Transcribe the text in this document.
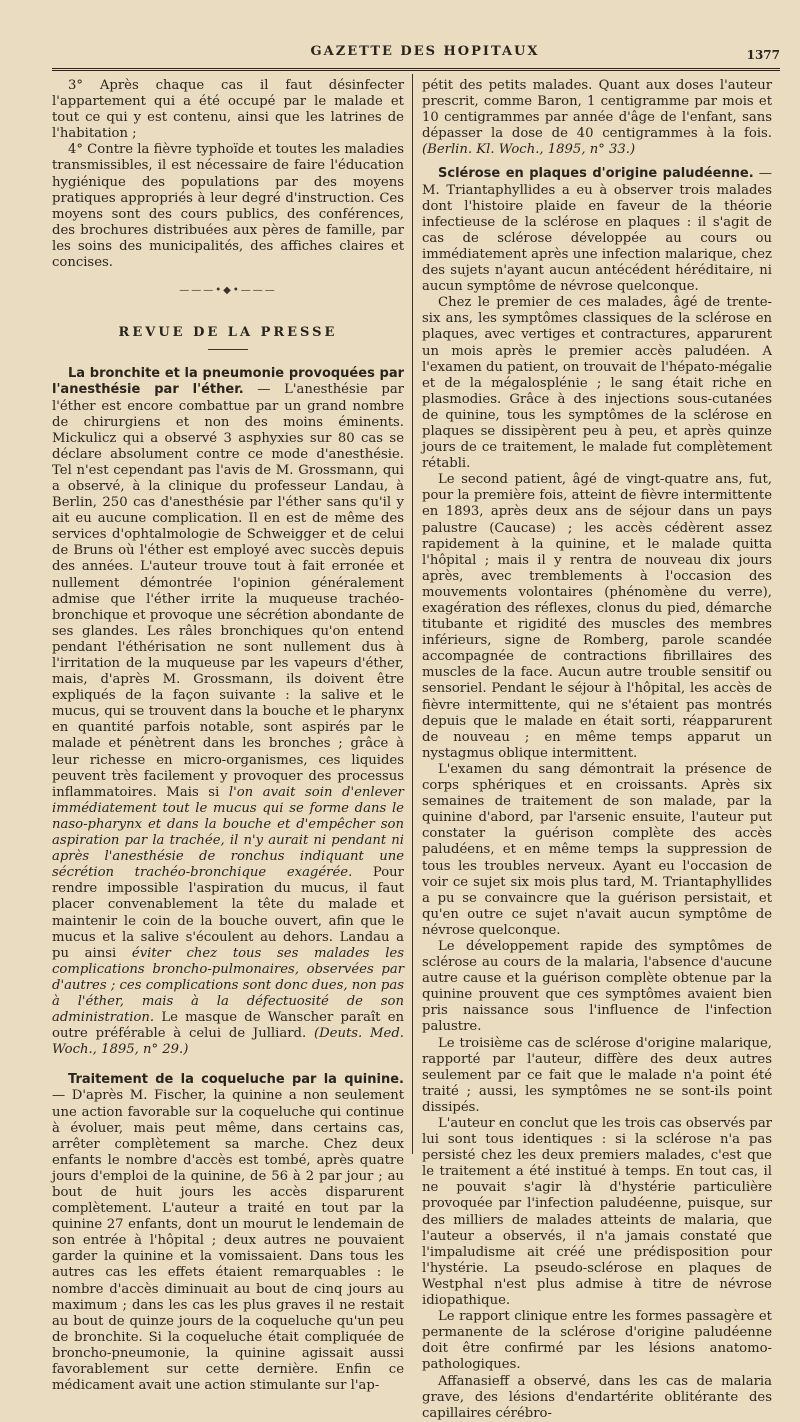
GAZETTE DES HOPITAUX	1377

3° Après chaque cas il faut désinfecter l'appartement qui a été occupé par le malade et tout ce qui y est contenu, ainsi que les latrines de l'habitation ;

4° Contre la fièvre typhoïde et toutes les maladies transmissibles, il est nécessaire de faire l'éducation hygiénique des populations par des moyens pratiques appropriés à leur degré d'instruction. Ces moyens sont des cours publics, des conférences, des brochures distribuées aux pères de famille, par les soins des municipalités, des affiches claires et concises.

———•◆•———
REVUE DE LA PRESSE

La bronchite et la pneumonie provoquées par l'anesthésie par l'éther. — L'anesthésie par l'éther est encore combattue par un grand nombre de chirurgiens et non des moins éminents. Mickulicz qui a observé 3 asphyxies sur 80 cas se déclare absolument contre ce mode d'anesthésie. Tel n'est cependant pas l'avis de M. Grossmann, qui a observé, à la clinique du professeur Landau, à Berlin, 250 cas d'anesthésie par l'éther sans qu'il y ait eu aucune complication. Il en est de même des services d'ophtalmologie de Schweigger et de celui de Bruns où l'éther est employé avec succès depuis des années. L'auteur trouve tout à fait erronée et nullement démontrée l'opinion généralement admise que l'éther irrite la muqueuse trachéo-bronchique et provoque une sécrétion abondante de ses glandes. Les râles bronchiques qu'on entend pendant l'éthérisation ne sont nullement dus à l'irritation de la muqueuse par les vapeurs d'éther, mais, d'après M. Grossmann, ils doivent être expliqués de la façon suivante : la salive et le mucus, qui se trouvent dans la bouche et le pharynx en quantité parfois notable, sont aspirés par le malade et pénètrent dans les bronches ; grâce à leur richesse en micro-organismes, ces liquides peuvent très facilement y provoquer des processus inflammatoires. Mais si l'on avait soin d'enlever immédiatement tout le mucus qui se forme dans le naso-pharynx et dans la bouche et d'empêcher son aspiration par la trachée, il n'y aurait ni pendant ni après l'anesthésie de ronchus indiquant une sécrétion trachéo-bronchique exagérée. Pour rendre impossible l'aspiration du mucus, il faut placer convenablement la tête du malade et maintenir le coin de la bouche ouvert, afin que le mucus et la salive s'écoulent au dehors. Landau a pu ainsi éviter chez tous ses malades les complications broncho-pulmonaires, observées par d'autres ; ces complications sont donc dues, non pas à l'éther, mais à la défectuosité de son administration. Le masque de Wanscher paraît en outre préférable à celui de Julliard. (Deuts. Med. Woch., 1895, n° 29.)

Traitement de la coqueluche par la quinine. — D'après M. Fischer, la quinine a non seulement une action favorable sur la coqueluche qui continue à évoluer, mais peut même, dans certains cas, arrêter complètement sa marche. Chez deux enfants le nombre d'accès est tombé, après quatre jours d'emploi de la quinine, de 56 à 2 par jour ; au bout de huit jours les accès disparurent complètement. L'auteur a traité en tout par la quinine 27 enfants, dont un mourut le lendemain de son entrée à l'hôpital ; deux autres ne pouvaient garder la quinine et la vomissaient. Dans tous les autres cas les effets étaient remarquables : le nombre d'accès diminuait au bout de cinq jours au maximum ; dans les cas les plus graves il ne restait au bout de quinze jours de la coqueluche qu'un peu de bronchite. Si la coqueluche était compliquée de broncho-pneumonie, la quinine agissait aussi favorablement sur cette dernière. Enfin ce médicament avait une action stimulante sur l'ap-

pétit des petits malades. Quant aux doses l'auteur prescrit, comme Baron, 1 centigramme par mois et 10 centigrammes par année d'âge de l'enfant, sans dépasser la dose de 40 centigrammes à la fois. (Berlin. Kl. Woch., 1895, n° 33.)

Sclérose en plaques d'origine paludéenne. — M. Triantaphyllides a eu à observer trois malades dont l'histoire plaide en faveur de la théorie infectieuse de la sclérose en plaques : il s'agit de cas de sclérose développée au cours ou immédiatement après une infection malarique, chez des sujets n'ayant aucun antécédent héréditaire, ni aucun symptôme de névrose quelconque.

Chez le premier de ces malades, âgé de trente-six ans, les symptômes classiques de la sclérose en plaques, avec vertiges et contractures, apparurent un mois après le premier accès paludéen. A l'examen du patient, on trouvait de l'hépato-mégalie et de la mégalosplénie ; le sang était riche en plasmodies. Grâce à des injections sous-cutanées de quinine, tous les symptômes de la sclérose en plaques se dissipèrent peu à peu, et après quinze jours de ce traitement, le malade fut complètement rétabli.

Le second patient, âgé de vingt-quatre ans, fut, pour la première fois, atteint de fièvre intermittente en 1893, après deux ans de séjour dans un pays palustre (Caucase) ; les accès cédèrent assez rapidement à la quinine, et le malade quitta l'hôpital ; mais il y rentra de nouveau dix jours après, avec tremblements à l'occasion des mouvements volontaires (phénomène du verre), exagération des réflexes, clonus du pied, démarche titubante et rigidité des muscles des membres inférieurs, signe de Romberg, parole scandée accompagnée de contractions fibrillaires des muscles de la face. Aucun autre trouble sensitif ou sensoriel. Pendant le séjour à l'hôpital, les accès de fièvre intermittente, qui ne s'étaient pas montrés depuis que le malade en était sorti, réapparurent de nouveau ; en même temps apparut un nystagmus oblique intermittent.

L'examen du sang démontrait la présence de corps sphériques et en croissants. Après six semaines de traitement de son malade, par la quinine d'abord, par l'arsenic ensuite, l'auteur put constater la guérison complète des accès paludéens, et en même temps la suppression de tous les troubles nerveux. Ayant eu l'occasion de voir ce sujet six mois plus tard, M. Triantaphyllides a pu se convaincre que la guérison persistait, et qu'en outre ce sujet n'avait aucun symptôme de névrose quelconque.

Le développement rapide des symptômes de sclérose au cours de la malaria, l'absence d'aucune autre cause et la guérison complète obtenue par la quinine prouvent que ces symptômes avaient bien pris naissance sous l'influence de l'infection palustre.

Le troisième cas de sclérose d'origine malarique, rapporté par l'auteur, diffère des deux autres seulement par ce fait que le malade n'a point été traité ; aussi, les symptômes ne se sont-ils point dissipés.

L'auteur en conclut que les trois cas observés par lui sont tous identiques : si la sclérose n'a pas persisté chez les deux premiers malades, c'est que le traitement a été institué à temps. En tout cas, il ne pouvait s'agir là d'hystérie particulière provoquée par l'infection paludéenne, puisque, sur des milliers de malades atteints de malaria, que l'auteur a observés, il n'a jamais constaté que l'impaludisme ait créé une prédisposition pour l'hystérie. La pseudo-sclérose en plaques de Westphal n'est plus admise à titre de névrose idiopathique.

Le rapport clinique entre les formes passagère et permanente de la sclérose d'origine paludéenne doit être confirmé par les lésions anatomo-pathologiques.

Affanasieff a observé, dans les cas de malaria grave, des lésions d'endartérite oblitérante des capillaires cérébro-
